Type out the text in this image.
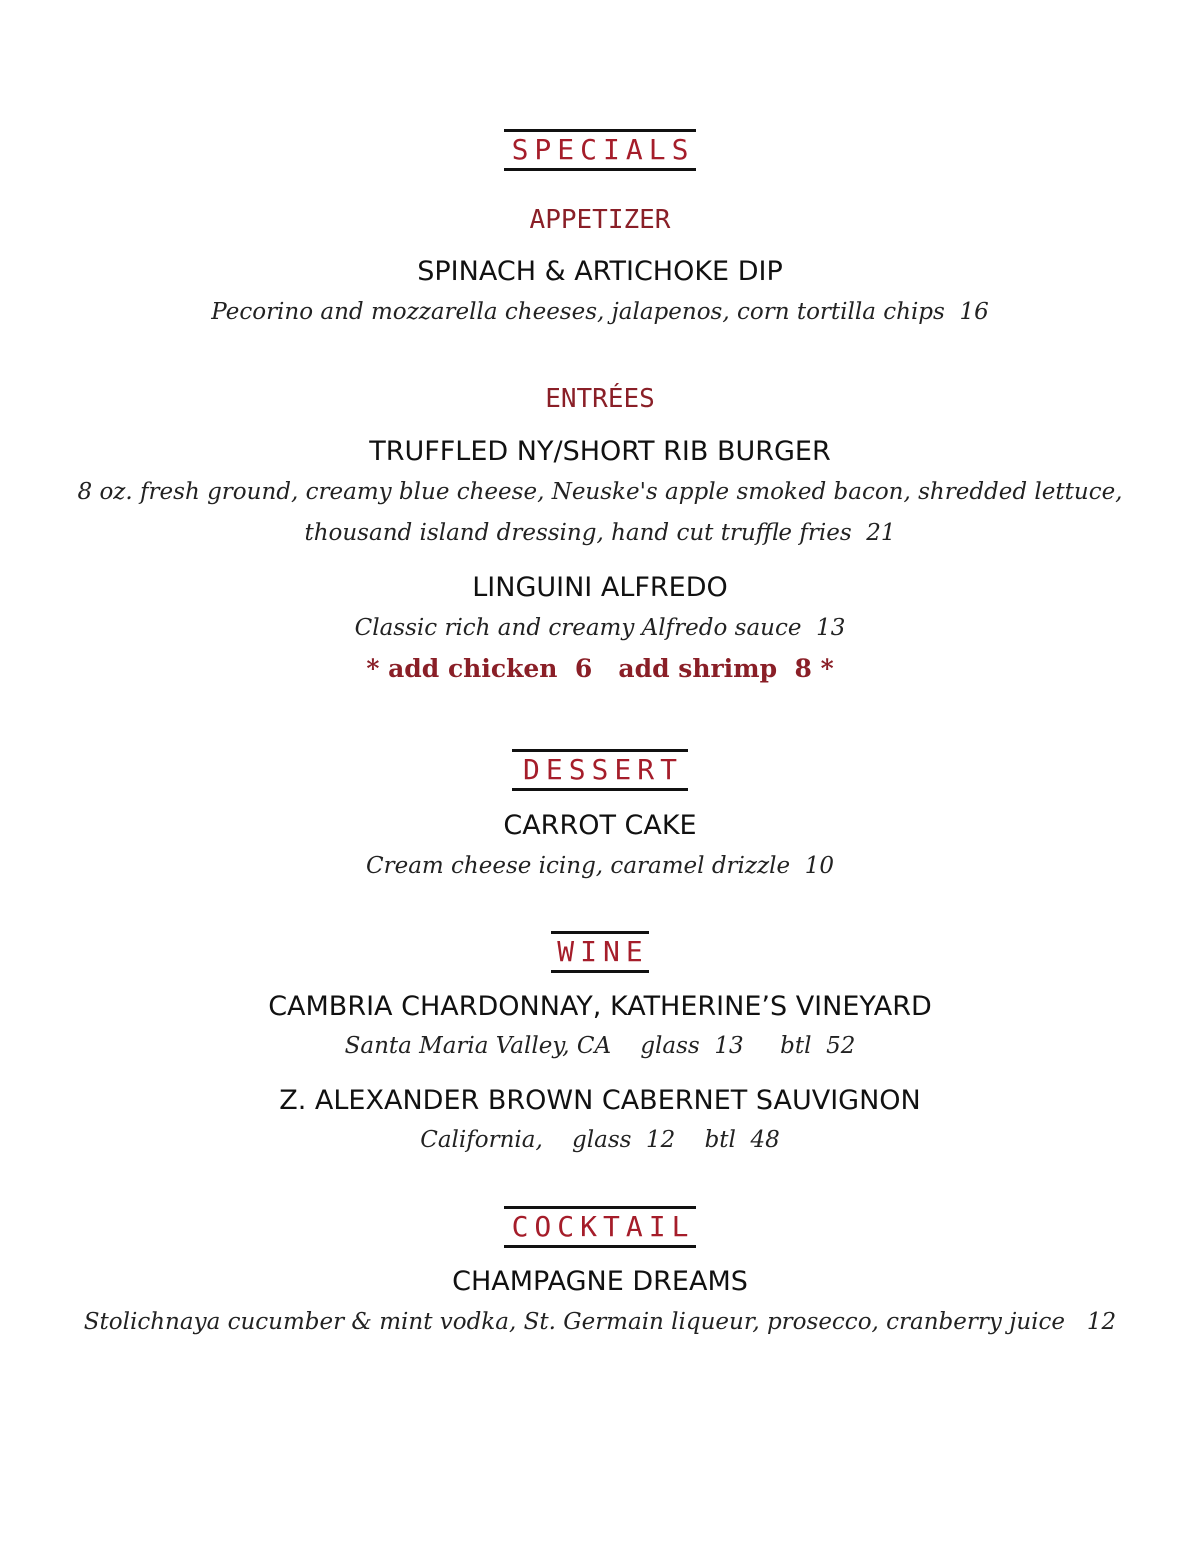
SPECIALS
APPETIZER
SPINACH & ARTICHOKE DIP
Pecorino and mozzarella cheeses, jalapenos, corn tortilla chips  16
ENTRÉES
TRUFFLED NY/SHORT RIB BURGER
8 oz. fresh ground, creamy blue cheese, Neuske's apple smoked bacon, shredded lettuce,
thousand island dressing, hand cut truffle fries  21
LINGUINI ALFREDO
Classic rich and creamy Alfredo sauce  13
* add chicken  6   add shrimp  8 *
DESSERT
CARROT CAKE
Cream cheese icing, caramel drizzle  10
WINE
CAMBRIA CHARDONNAY, KATHERINE’S VINEYARD
Santa Maria Valley, CA    glass  13     btl  52
Z. ALEXANDER BROWN CABERNET SAUVIGNON
California,    glass  12    btl  48
COCKTAIL
CHAMPAGNE DREAMS
Stolichnaya cucumber & mint vodka, St. Germain liqueur, prosecco, cranberry juice   12
